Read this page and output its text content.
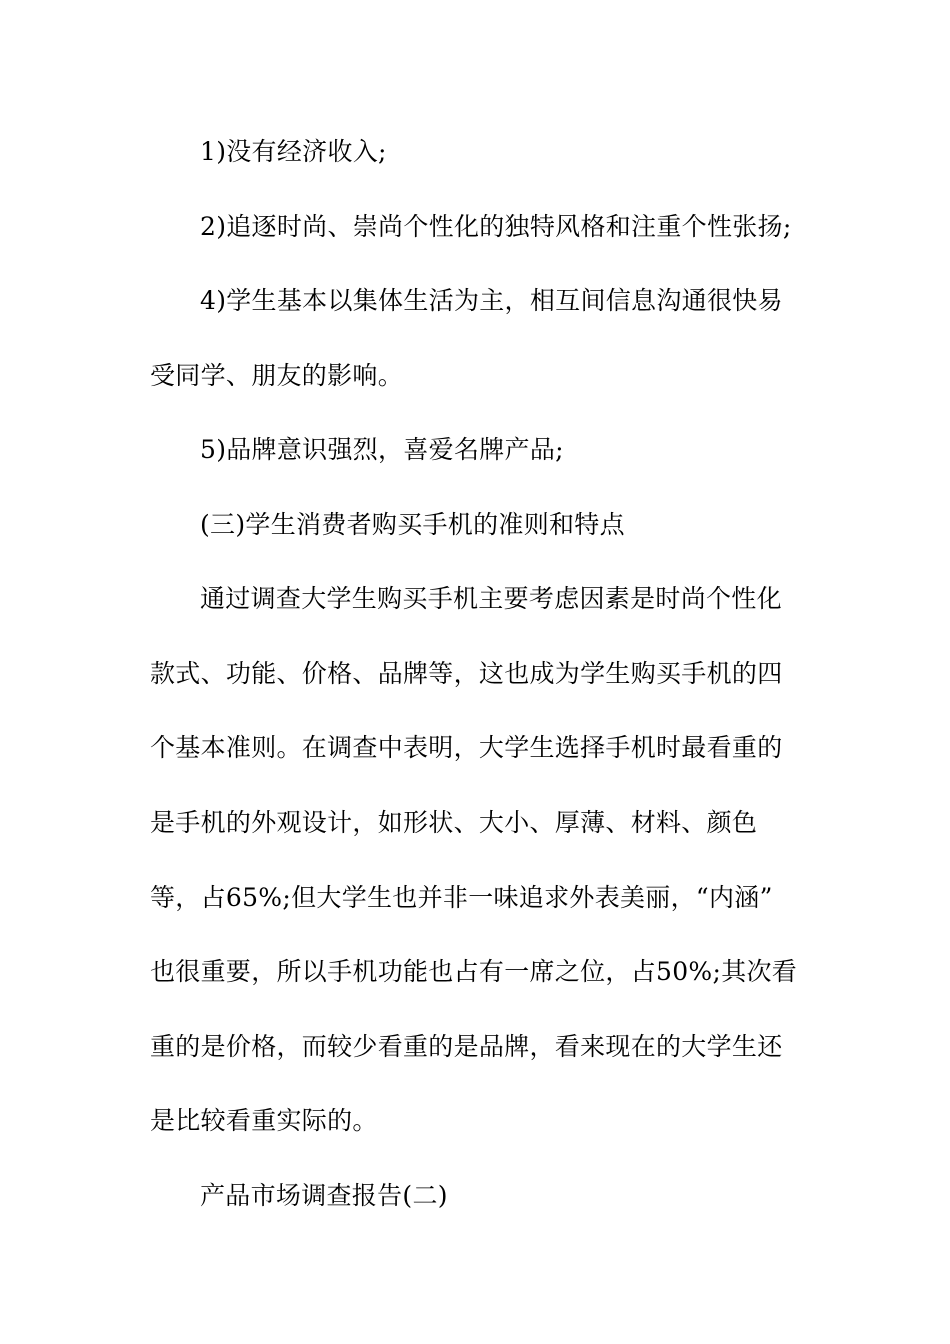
1)没有经济收入;
2)追逐时尚、崇尚个性化的独特风格和注重个性张扬;
4)学生基本以集体生活为主，相互间信息沟通很快易
受同学、朋友的影响。
5)品牌意识强烈，喜爱名牌产品;
(三)学生消费者购买手机的准则和特点
通过调查大学生购买手机主要考虑因素是时尚个性化
款式、功能、价格、品牌等，这也成为学生购买手机的四
个基本准则。在调查中表明，大学生选择手机时最看重的
是手机的外观设计，如形状、大小、厚薄、材料、颜色
等，占65%;但大学生也并非一味追求外表美丽，“内涵”
也很重要，所以手机功能也占有一席之位，占50%;其次看
重的是价格，而较少看重的是品牌，看来现在的大学生还
是比较看重实际的。
产品市场调查报告(二)
